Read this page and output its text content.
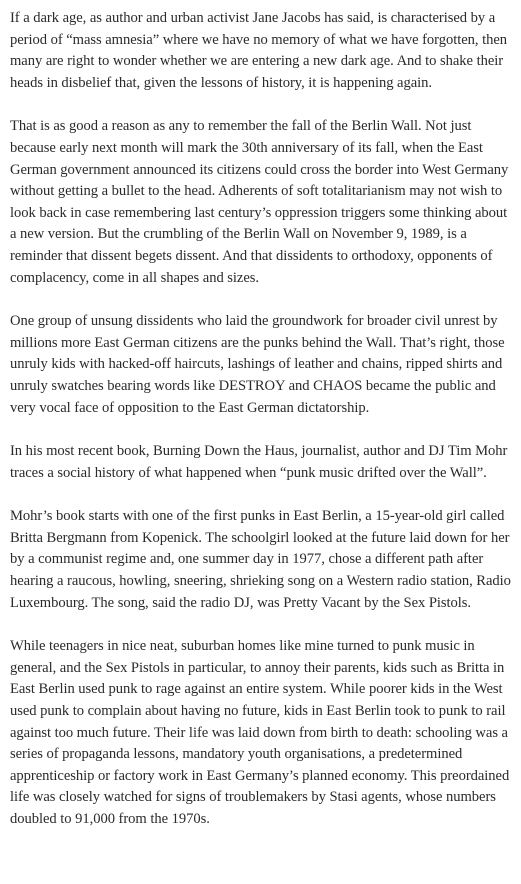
If a dark age, as author and urban activist Jane Jacobs has said, is characterised by a period of “mass amnesia” where we have no memory of what we have forgotten, then many are right to wonder whether we are entering a new dark age. And to shake their heads in disbelief that, given the lessons of history, it is happening again.

That is as good a reason as any to remember the fall of the Berlin Wall. Not just because early next month will mark the 30th anniversary of its fall, when the East German government announced its citizens could cross the border into West Germany without getting a bullet to the head. Adherents of soft totalitarianism may not wish to look back in case remembering last century’s oppression triggers some thinking about a new version. But the crumbling of the Berlin Wall on November 9, 1989, is a reminder that dissent begets dissent. And that dissidents to orthodoxy, opponents of complacency, come in all shapes and sizes.

One group of unsung dissidents who laid the groundwork for broader civil unrest by millions more East German citizens are the punks behind the Wall. That’s right, those unruly kids with hacked-off haircuts, lashings of leather and chains, ripped shirts and unruly swatches bearing words like DESTROY and CHAOS became the public and very vocal face of opposition to the East German dictatorship.

In his most recent book, Burning Down the Haus, journalist, author and DJ Tim Mohr traces a social history of what happened when “punk music drifted over the Wall”.

Mohr’s book starts with one of the first punks in East Berlin, a 15-year-old girl called Britta Bergmann from Kopenick. The schoolgirl looked at the future laid down for her by a communist regime and, one summer day in 1977, chose a different path after hearing a raucous, howling, sneering, shrieking song on a Western radio station, Radio Luxembourg. The song, said the radio DJ, was Pretty Vacant by the Sex Pistols.

While teenagers in nice neat, suburban homes like mine turned to punk music in general, and the Sex Pistols in particular, to annoy their parents, kids such as Britta in East Berlin used punk to rage against an entire system. While poorer kids in the West used punk to complain about having no future, kids in East Berlin took to punk to rail against too much future. Their life was laid down from birth to death: schooling was a series of propaganda lessons, mandatory youth organisations, a predetermined apprenticeship or factory work in East Germany’s planned economy. This preordained life was closely watched for signs of troublemakers by Stasi agents, whose numbers doubled to 91,000 from the 1970s.
